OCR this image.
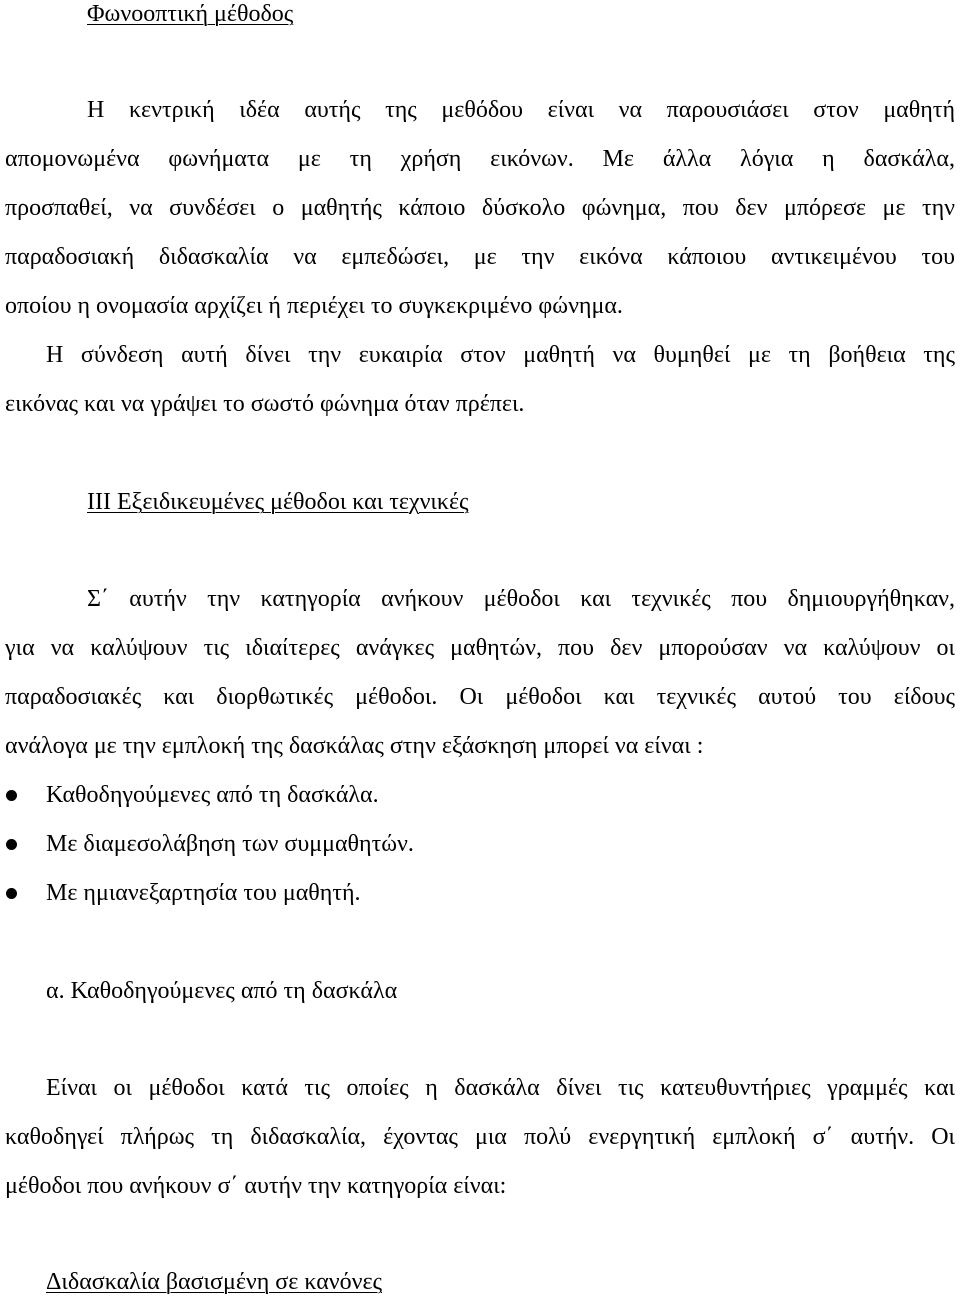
Φωνοοπτική μέθοδος
Η κεντρική ιδέα αυτής της μεθόδου είναι να παρουσιάσει στον μαθητή
απομονωμένα φωνήματα με τη χρήση εικόνων. Με άλλα λόγια η δασκάλα,
προσπαθεί, να συνδέσει ο μαθητής κάποιο δύσκολο φώνημα, που δεν μπόρεσε με την
παραδοσιακή διδασκαλία να εμπεδώσει, με την εικόνα κάποιου αντικειμένου του
οποίου η ονομασία αρχίζει ή περιέχει το συγκεκριμένο φώνημα.
Η σύνδεση αυτή δίνει την ευκαιρία στον μαθητή να θυμηθεί με τη βοήθεια της
εικόνας και να γράψει το σωστό φώνημα όταν πρέπει.
ΙΙΙ Εξειδικευμένες μέθοδοι και τεχνικές
Σ΄ αυτήν την κατηγορία ανήκουν μέθοδοι και τεχνικές που δημιουργήθηκαν,
για να καλύψουν τις ιδιαίτερες ανάγκες μαθητών, που δεν μπορούσαν να καλύψουν οι
παραδοσιακές και διορθωτικές μέθοδοι. Οι μέθοδοι και τεχνικές αυτού του είδους
ανάλογα με την εμπλοκή της δασκάλας στην εξάσκηση μπορεί να είναι :
Καθοδηγούμενες από τη δασκάλα.
Με διαμεσολάβηση των συμμαθητών.
Με ημιανεξαρτησία του μαθητή.
α. Καθοδηγούμενες από τη δασκάλα
Είναι οι μέθοδοι κατά τις οποίες η δασκάλα δίνει τις κατευθυντήριες γραμμές και
καθοδηγεί πλήρως τη διδασκαλία, έχοντας μια πολύ ενεργητική εμπλοκή σ΄ αυτήν. Οι
μέθοδοι που ανήκουν σ΄ αυτήν την κατηγορία είναι:
Διδασκαλία βασισμένη σε κανόνες
